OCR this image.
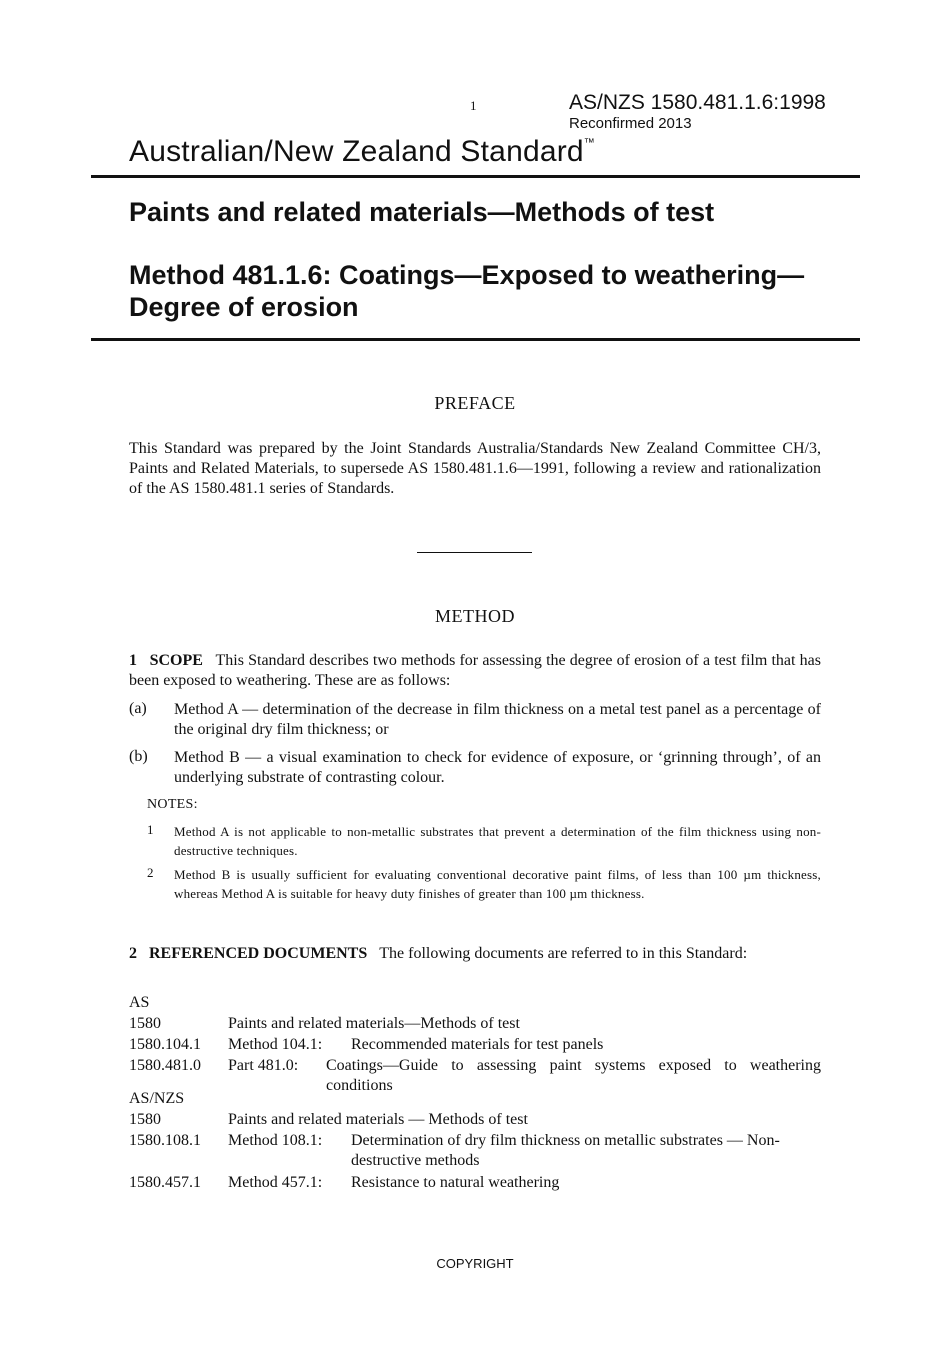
1	AS/NZS 1580.481.1.6:1998
Reconfirmed 2013
Australian/New Zealand Standard™
Paints and related materials—Methods of test
Method 481.1.6: Coatings—Exposed to weathering—Degree of erosion
PREFACE
This Standard was prepared by the Joint Standards Australia/Standards New Zealand Committee CH/3, Paints and Related Materials, to supersede AS 1580.481.1.6—1991, following a review and rationalization of the AS 1580.481.1 series of Standards.
METHOD
1 SCOPE This Standard describes two methods for assessing the degree of erosion of a test film that has been exposed to weathering. These are as follows:
(a) Method A — determination of the decrease in film thickness on a metal test panel as a percentage of the original dry film thickness; or
(b) Method B — a visual examination to check for evidence of exposure, or ‘grinning through’, of an underlying substrate of contrasting colour.
NOTES:
1 Method A is not applicable to non-metallic substrates that prevent a determination of the film thickness using non-destructive techniques.
2 Method B is usually sufficient for evaluating conventional decorative paint films, of less than 100 µm thickness, whereas Method A is suitable for heavy duty finishes of greater than 100 µm thickness.
2 REFERENCED DOCUMENTS The following documents are referred to in this Standard:
AS
1580	Paints and related materials—Methods of test
1580.104.1 Method 104.1: Recommended materials for test panels
1580.481.0 Part 481.0: Coatings—Guide to assessing paint systems exposed to weathering conditions
AS/NZS
1580	Paints and related materials — Methods of test
1580.108.1 Method 108.1: Determination of dry film thickness on metallic substrates — Non-destructive methods
1580.457.1 Method 457.1: Resistance to natural weathering
COPYRIGHT
